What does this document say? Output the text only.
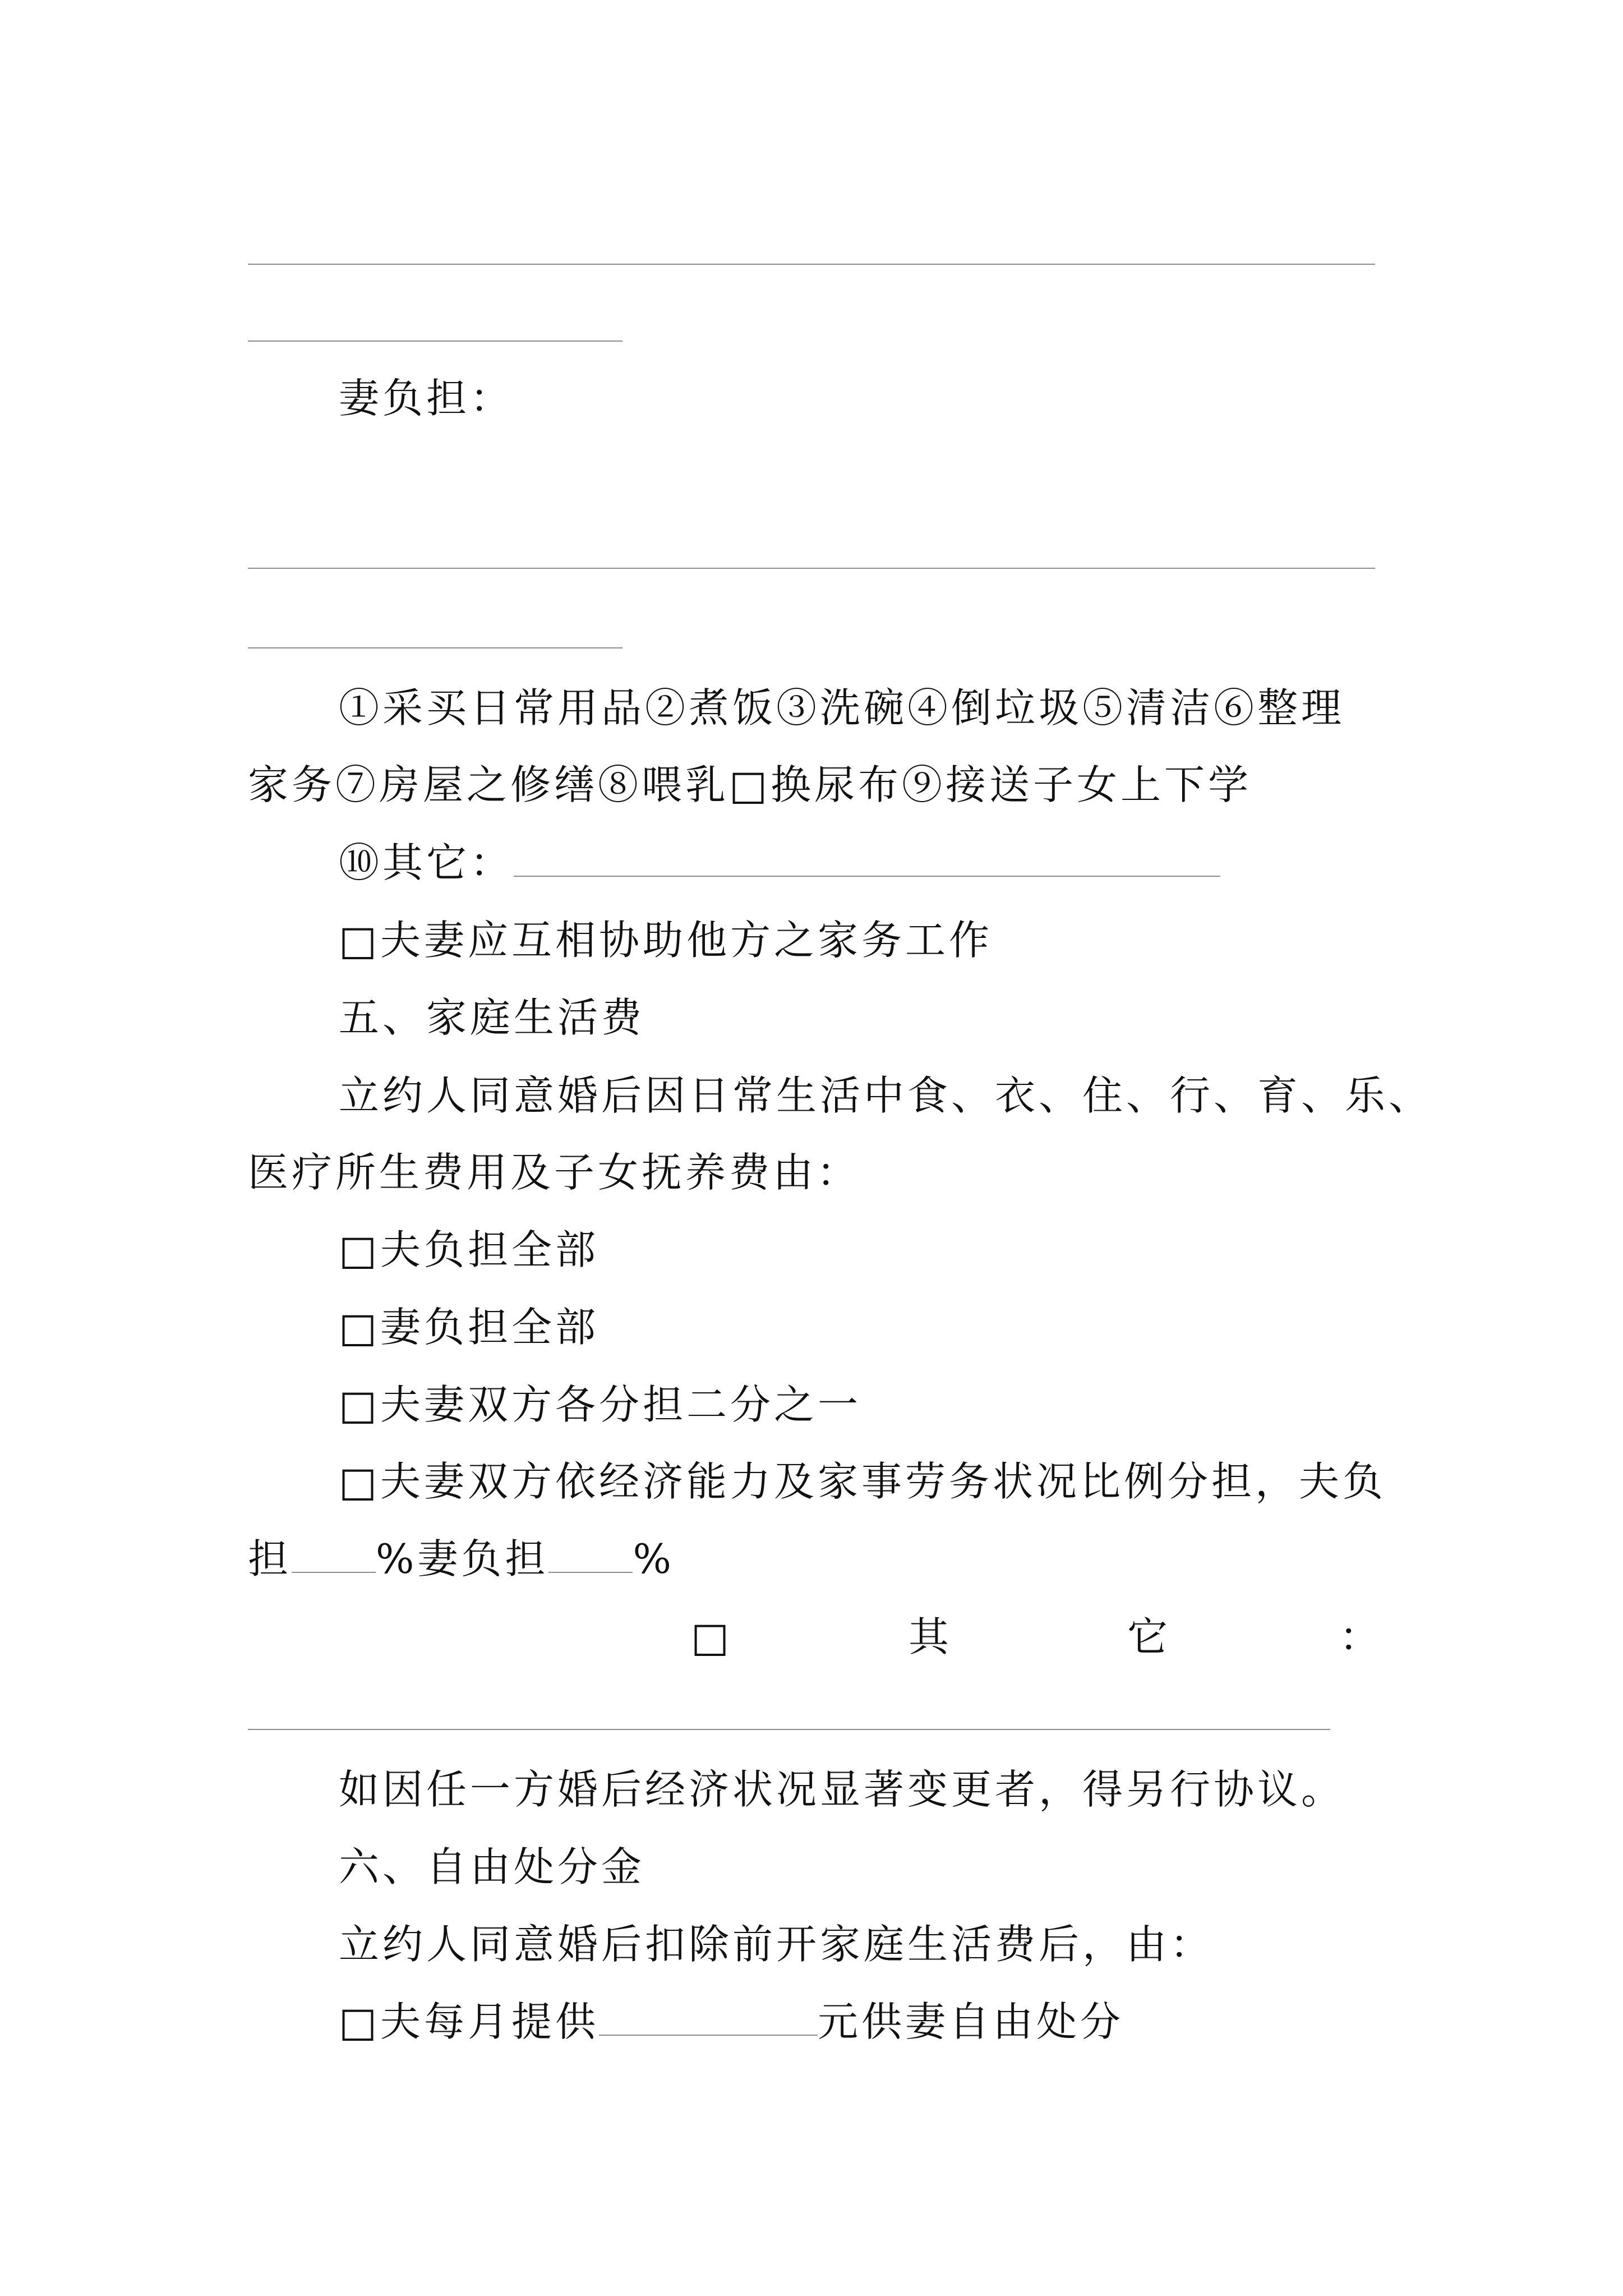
妻负担：
①采买日常用品②煮饭③洗碗④倒垃圾⑤清洁⑥整理
家务⑦房屋之修缮⑧喂乳□换尿布⑨接送子女上下学
⑩其它：
□夫妻应互相协助他方之家务工作
五、家庭生活费
立约人同意婚后因日常生活中食、衣、住、行、育、乐、
医疗所生费用及子女抚养费由：
□夫负担全部
□妻负担全部
□夫妻双方各分担二分之一
□夫妻双方依经济能力及家事劳务状况比例分担，夫负
担 %妻负担 %
□	其	它	：
如因任一方婚后经济状况显著变更者，得另行协议。
六、自由处分金
立约人同意婚后扣除前开家庭生活费后，由：
□夫每月提供	元供妻自由处分
